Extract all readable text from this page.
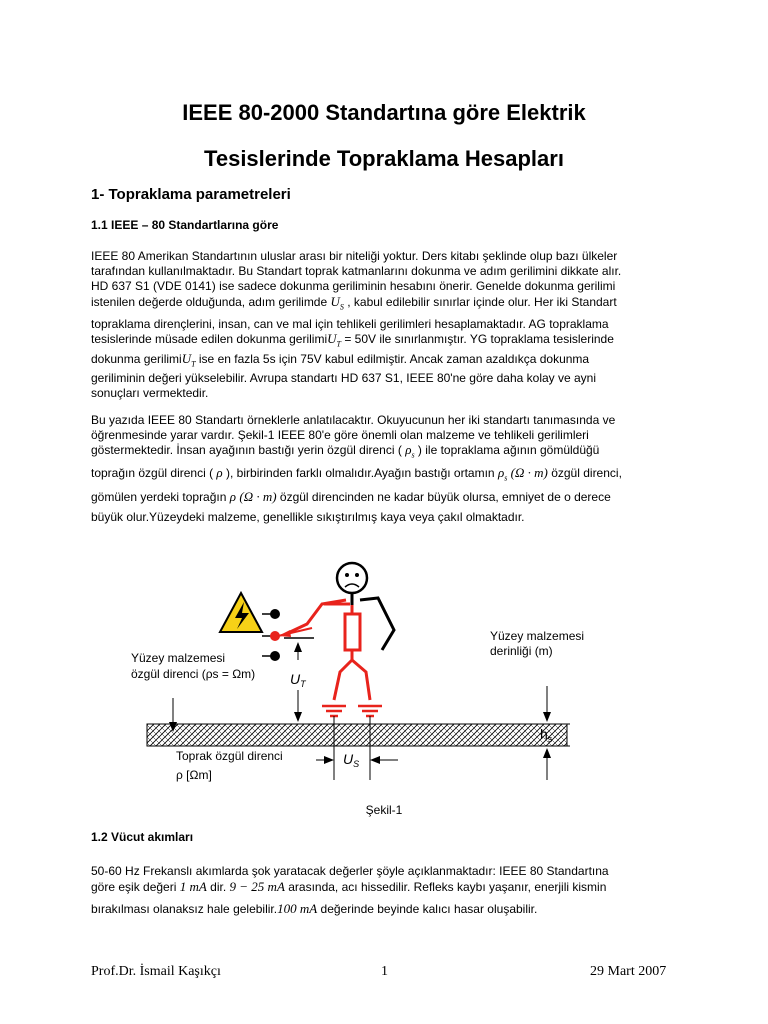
IEEE 80-2000 Standartına göre Elektrik
Tesislerinde Topraklama Hesapları
1- Topraklama parametreleri
1.1 IEEE – 80 Standartlarına göre
IEEE 80 Amerikan Standartının uluslar arası bir niteliği yoktur. Ders kitabı şeklinde olup bazı ülkeler
tarafından kullanılmaktadır. Bu Standart toprak katmanlarını dokunma ve adım gerilimini dikkate alır.
HD 637 S1 (VDE 0141) ise sadece dokunma geriliminin hesabını önerir. Genelde dokunma gerilimi
istenilen değerde olduğunda, adım gerilimde $U_S$ , kabul edilebilir sınırlar içinde olur. Her iki Standart
topraklama dirençlerini, insan, can ve mal için tehlikeli gerilimleri hesaplamaktadır. AG topraklama
tesislerinde müsade edilen dokunma gerilimiU$_T$ = 50V ile sınırlanmıştır. YG topraklama tesislerinde
dokunma gerilimiU$_T$ ise en fazla 5s için 75V kabul edilmiştir. Ancak zaman azaldıkça dokunma
geriliminin değeri yükselebilir. Avrupa standartı HD 637 S1, IEEE 80'ne göre daha kolay ve ayni
sonuçları vermektedir.
Bu yazıda IEEE 80 Standartı örneklerle anlatılacaktır. Okuyucunun her iki standartı tanımasında ve
öğrenmesinde yarar vardır. Şekil-1 IEEE 80'e göre önemli olan malzeme ve tehlikeli gerilimleri
göstermektedir. İnsan ayağının bastığı yerin özgül direnci ( $\rho_s$ ) ile topraklama ağının gömüldüğü
toprağın özgül direnci ( ρ ), birbirinden farklı olmalıdır.Ayağın bastığı ortamın $\rho_s$ (Ω · m) özgül direnci,
gömülen yerdeki toprağın ρ (Ω · m) özgül direncinden ne kadar büyük olursa, emniyet de o derece
büyük olur.Yüzeydeki malzeme, genellikle sıkıştırılmış kaya veya çakıl olmaktadır.
$U_T$
$U_S$
Yüzey malzemesi
özgül direnci (ρs = Ωm)
Yüzey malzemesi
derinliği (m)
$h_s$
Toprak özgül direnci
ρ [Ωm]
Şekil-1
1.2 Vücut akımları
50-60 Hz Frekanslı akımlarda şok yaratacak değerler şöyle açıklanmaktadır: IEEE 80 Standartına
göre eşik değeri 1 mA dir. 9 − 25 mA arasında, acı hissedilir. Refleks kaybı yaşanır, enerjili kismin
bırakılması olanaksız hale gelebilir.100 mA değerinde beyinde kalıcı hasar oluşabilir.
Prof.Dr. İsmail Kaşıkçı	1	29 Mart 2007
